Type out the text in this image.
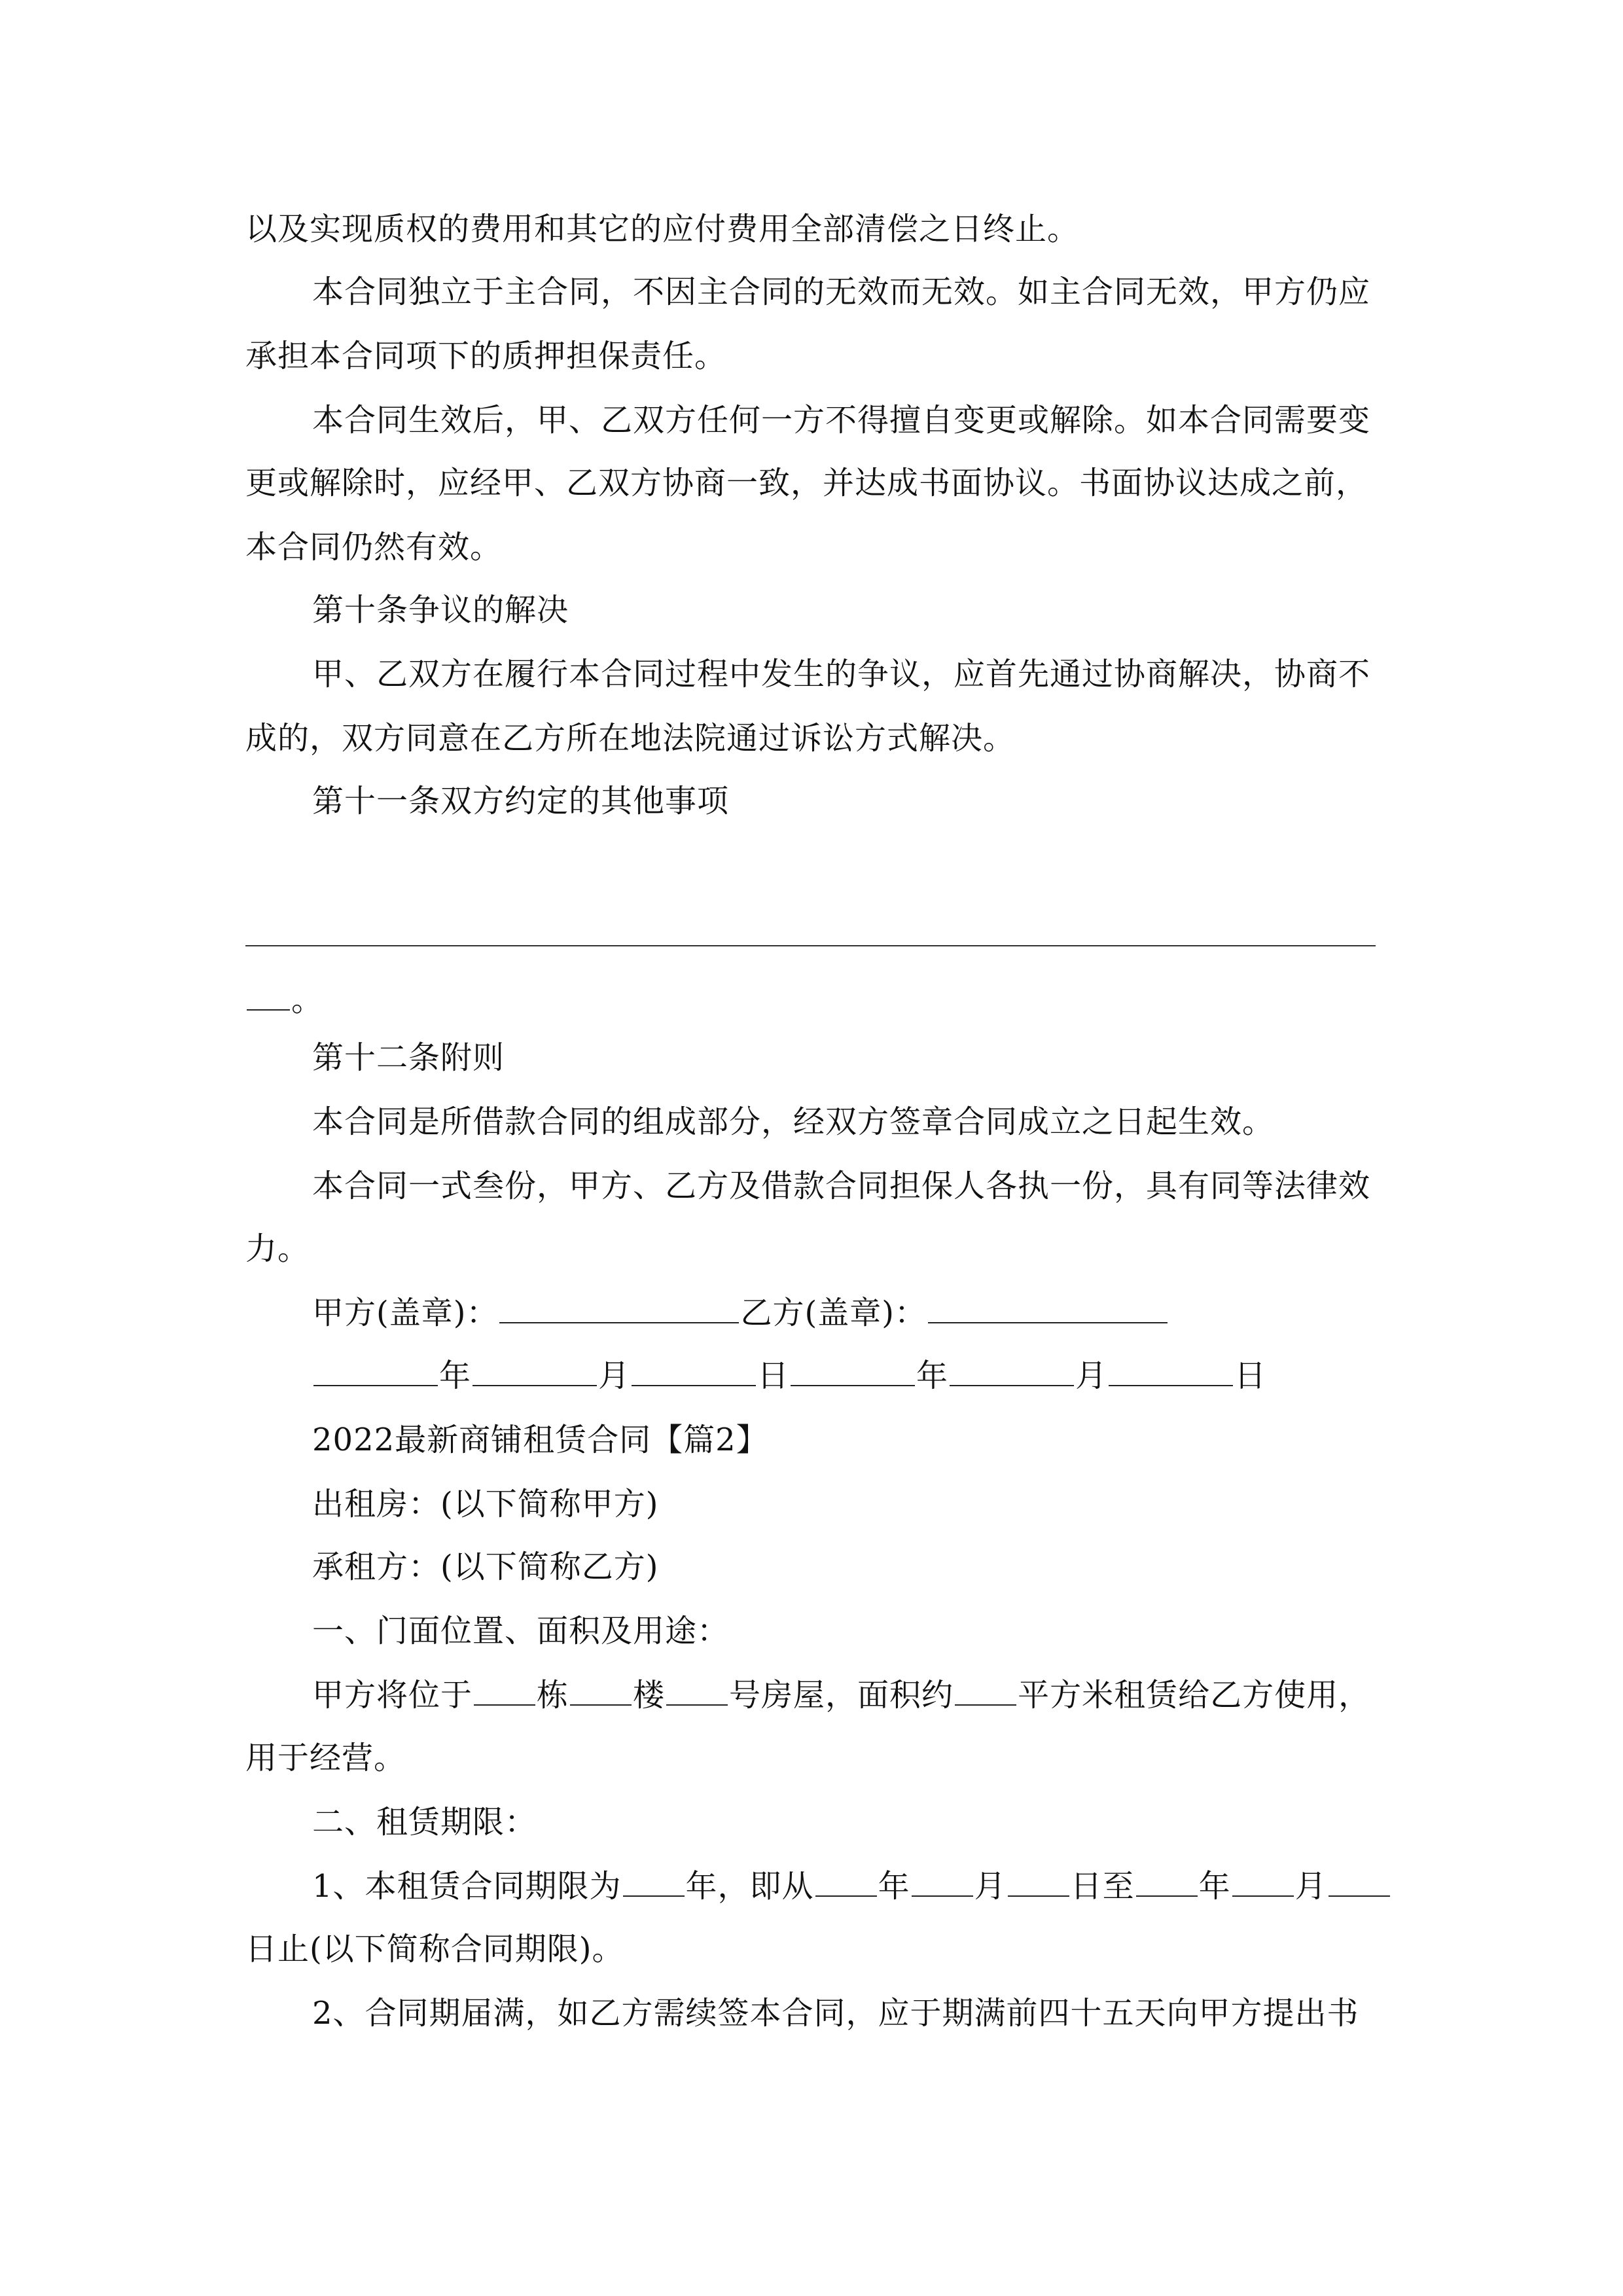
以及实现质权的费用和其它的应付费用全部清偿之日终止。
本合同独立于主合同，不因主合同的无效而无效。如主合同无效，甲方仍应
承担本合同项下的质押担保责任。
本合同生效后，甲、乙双方任何一方不得擅自变更或解除。如本合同需要变
更或解除时，应经甲、乙双方协商一致，并达成书面协议。书面协议达成之前，
本合同仍然有效。
第十条争议的解决
甲、乙双方在履行本合同过程中发生的争议，应首先通过协商解决，协商不
成的，双方同意在乙方所在地法院通过诉讼方式解决。
第十一条双方约定的其他事项
。
第十二条附则
本合同是所借款合同的组成部分，经双方签章合同成立之日起生效。
本合同一式叁份，甲方、乙方及借款合同担保人各执一份，具有同等法律效
力。
甲方(盖章)：	乙方(盖章)：
年	月	日	年	月	日
2022最新商铺租赁合同【篇2】
出租房：(以下简称甲方)
承租方：(以下简称乙方)
一、门面位置、面积及用途：
甲方将位于 栋 楼 号房屋，面积约 平方米租赁给乙方使用，
用于经营。
二、租赁期限：
1、本租赁合同期限为 年，即从 年 月 日至 年 月
日止(以下简称合同期限)。
2、合同期届满，如乙方需续签本合同，应于期满前四十五天向甲方提出书
